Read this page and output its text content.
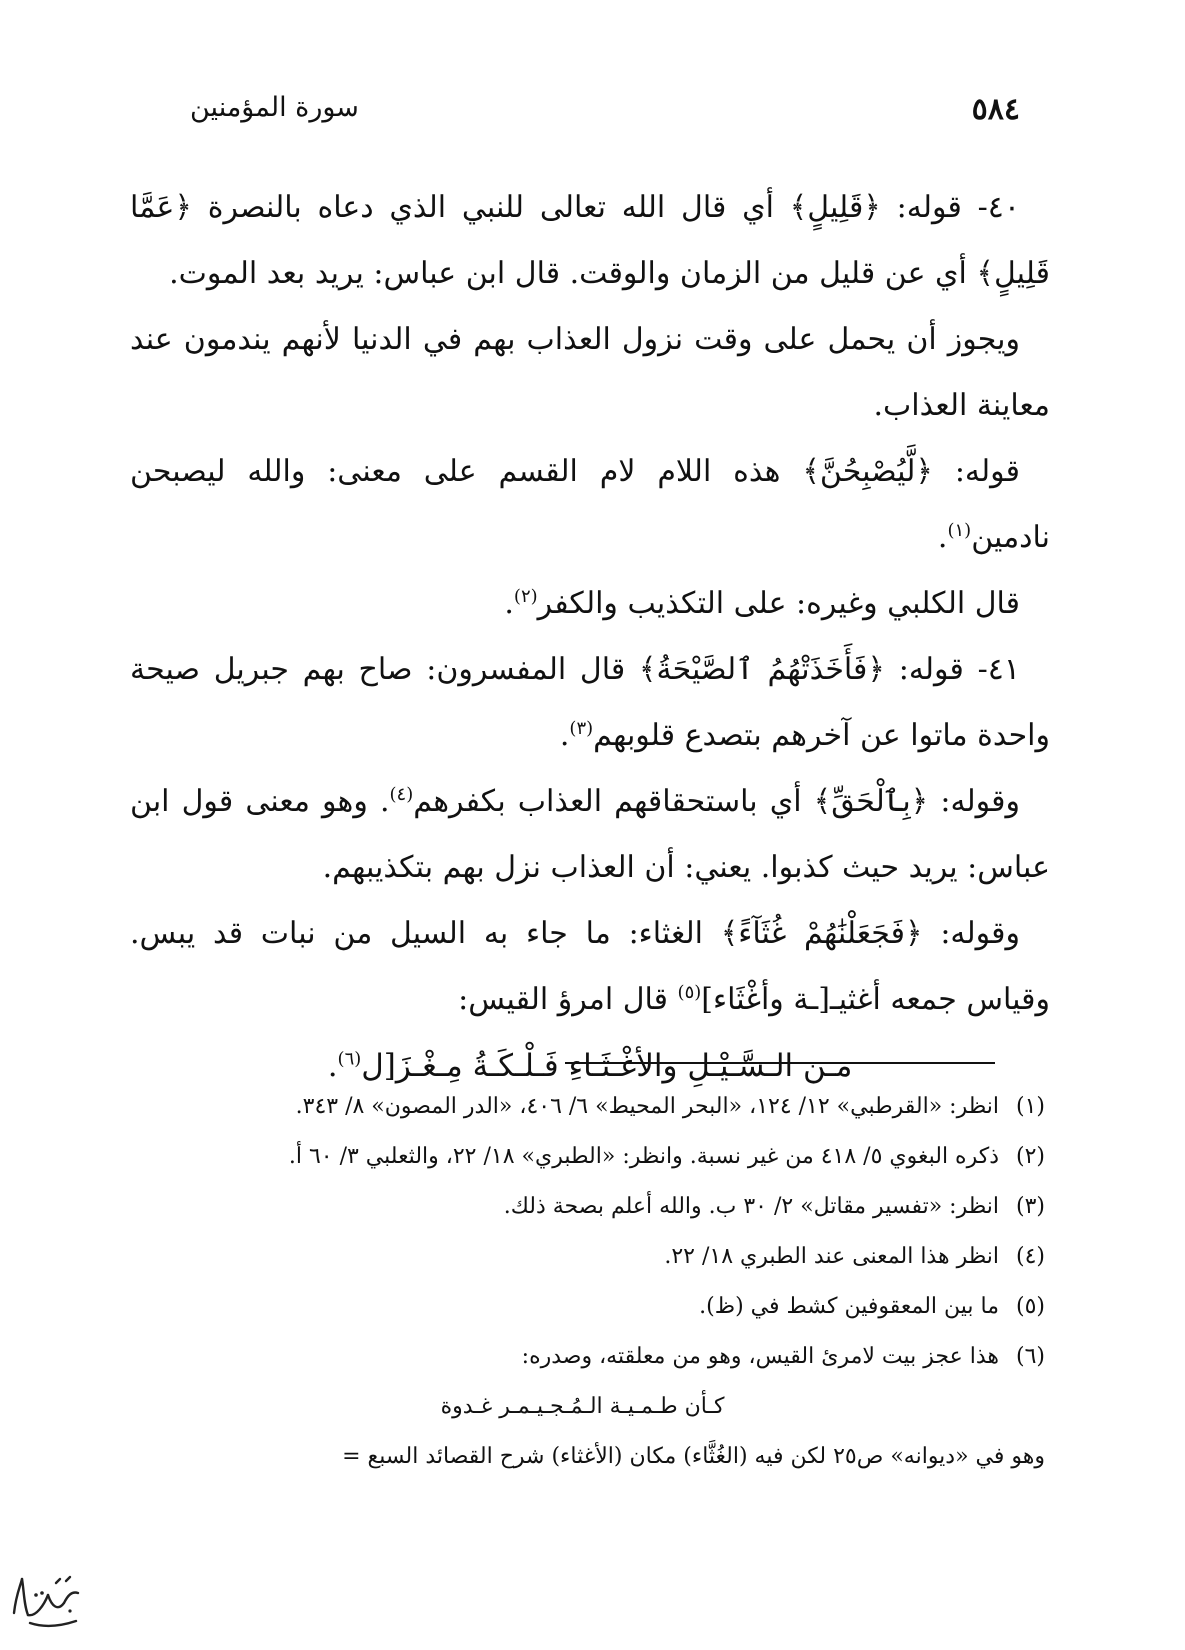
سورة المؤمنين	٥٨٤

٤٠- قوله: ﴿قَلِيلٍ﴾ أي قال الله تعالى للنبي الذي دعاه بالنصرة ﴿عَمَّا قَلِيلٍ﴾ أي عن قليل من الزمان والوقت. قال ابن عباس: يريد بعد الموت.

ويجوز أن يحمل على وقت نزول العذاب بهم في الدنيا لأنهم يندمون عند معاينة العذاب.

قوله: ﴿لَّيُصْبِحُنَّ﴾ هذه اللام لام القسم على معنى: والله ليصبحن نادمين$^{(١)}$.

قال الكلبي وغيره: على التكذيب والكفر$^{(٢)}$.

٤١- قوله: ﴿فَأَخَذَتْهُمُ ٱلصَّيْحَةُ﴾ قال المفسرون: صاح بهم جبريل صيحة واحدة ماتوا عن آخرهم بتصدع قلوبهم$^{(٣)}$.

وقوله: ﴿بِٱلْحَقِّ﴾ أي باستحقاقهم العذاب بكفرهم$^{(٤)}$. وهو معنى قول ابن عباس: يريد حيث كذبوا. يعني: أن العذاب نزل بهم بتكذيبهم.

وقوله: ﴿فَجَعَلْنَٰهُمْ غُثَآءً﴾ الغثاء: ما جاء به السيل من نبات قد يبس. وقياس جمعه أغثيـ[ـة وأغْثَاء]$^{(٥)}$ قال امرؤ القيس:

مـن الـسَّـيْـلِ والأغْـثَـاءِ فَـلْـكَـةُ مِـغْـزَ[ل$^{(٦)}$.

(١)
انظر: «القرطبي» ١٢/ ١٢٤، «البحر المحيط» ٦/ ٤٠٦، «الدر المصون» ٨/ ٣٤٣.
(٢)
ذكره البغوي ٥/ ٤١٨ من غير نسبة. وانظر: «الطبري» ١٨/ ٢٢، والثعلبي ٣/ ٦٠ أ.
(٣)
انظر: «تفسير مقاتل» ٢/ ٣٠ ب. والله أعلم بصحة ذلك.
(٤)
انظر هذا المعنى عند الطبري ١٨/ ٢٢.
(٥)
ما بين المعقوفين كشط في (ظ).
(٦)
هذا عجز بيت لامرئ القيس، وهو من معلقته، وصدره:
كـأن طـمـيـة الـمُـجـيـمـر غـدوة
وهو في «ديوانه» ص٢٥ لكن فيه (الغُثَّاء) مكان (الأغثاء) شرح القصائد السبع =
